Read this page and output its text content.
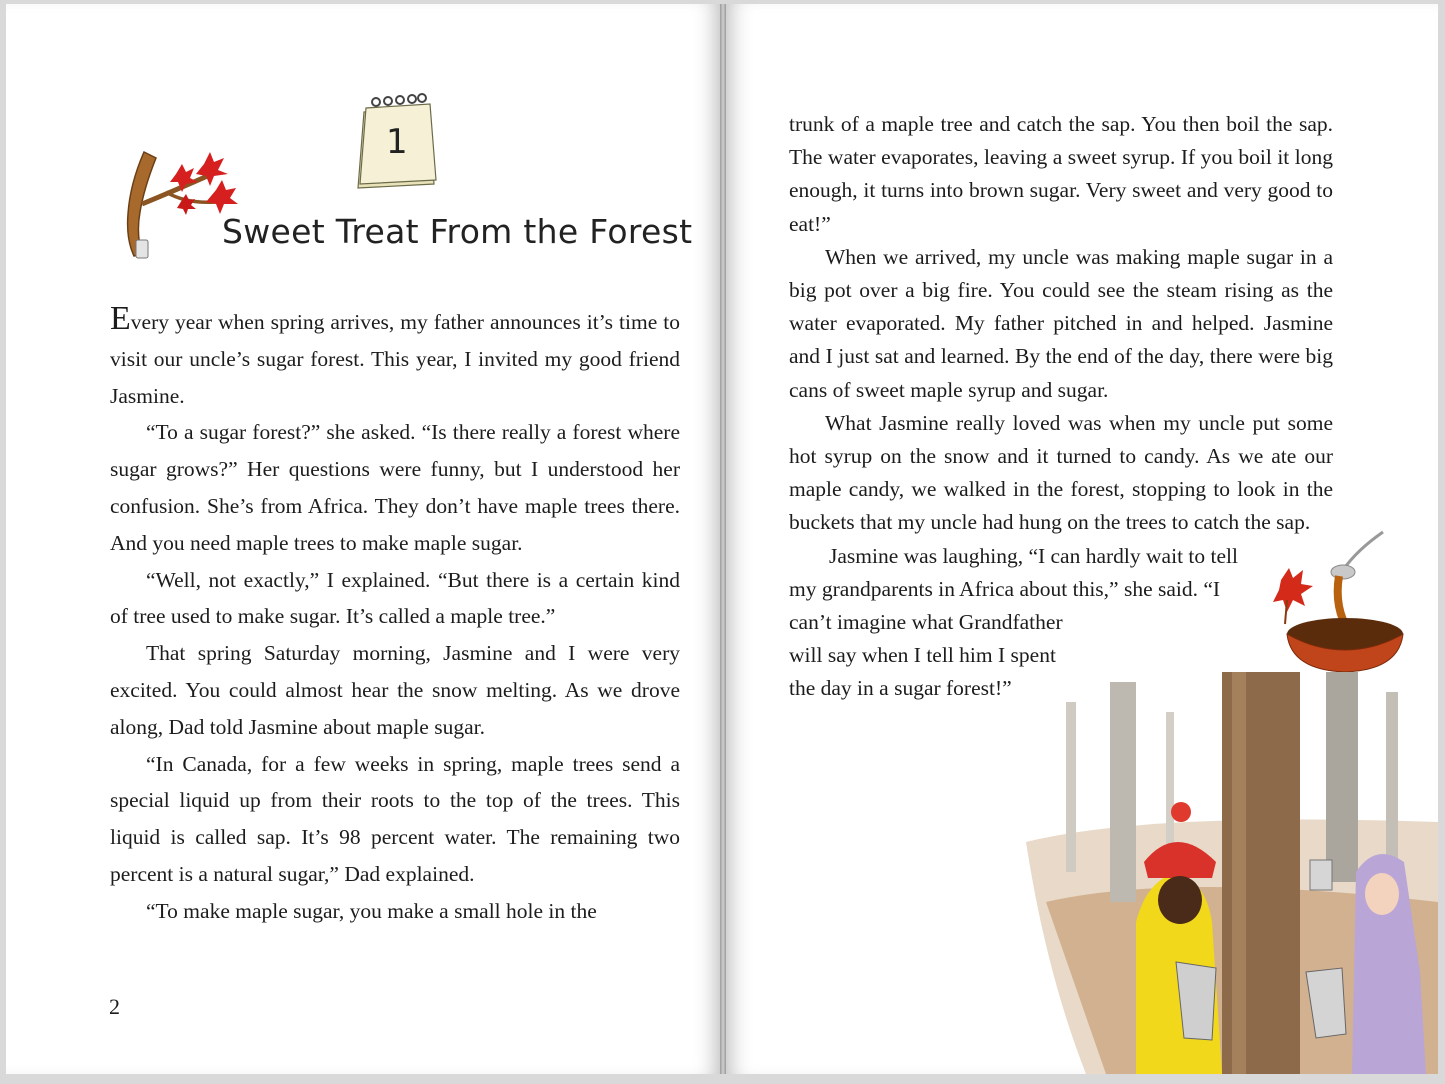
1
Sweet Treat From the Forest

Every year when spring arrives, my father announces it’s time to visit our uncle’s sugar forest. This year, I invited my good friend Jasmine.

“To a sugar forest?” she asked. “Is there really a forest where sugar grows?” Her questions were funny, but I understood her confusion. She’s from Africa. They don’t have maple trees there. And you need maple trees to make maple sugar.

“Well, not exactly,” I explained. “But there is a certain kind of tree used to make sugar. It’s called a maple tree.”

That spring Saturday morning, Jasmine and I were very excited. You could almost hear the snow melting. As we drove along, Dad told Jasmine about maple sugar.

“In Canada, for a few weeks in spring, maple trees send a special liquid up from their roots to the top of the trees. This liquid is called sap. It’s 98 percent water. The remaining two percent is a natural sugar,” Dad explained.

“To make maple sugar, you make a small hole in the

2

trunk of a maple tree and catch the sap. You then boil the sap. The water evaporates, leaving a sweet syrup. If you boil it long enough, it turns into brown sugar. Very sweet and very good to eat!”

When we arrived, my uncle was making maple sugar in a big pot over a big fire. You could see the steam rising as the water evaporated. My father pitched in and helped. Jasmine and I just sat and learned. By the end of the day, there were big cans of sweet maple syrup and sugar.

What Jasmine really loved was when my uncle put some hot syrup on the snow and it turned to candy. As we ate our maple candy, we walked in the forest, stopping to look in the buckets that my uncle had hung on the trees to catch the sap.

Jasmine was laughing, “I can hardly wait to tell
my grandparents in Africa about this,” she said. “I
can’t imagine what Grandfather
will say when I tell him I spent
the day in a sugar forest!”
